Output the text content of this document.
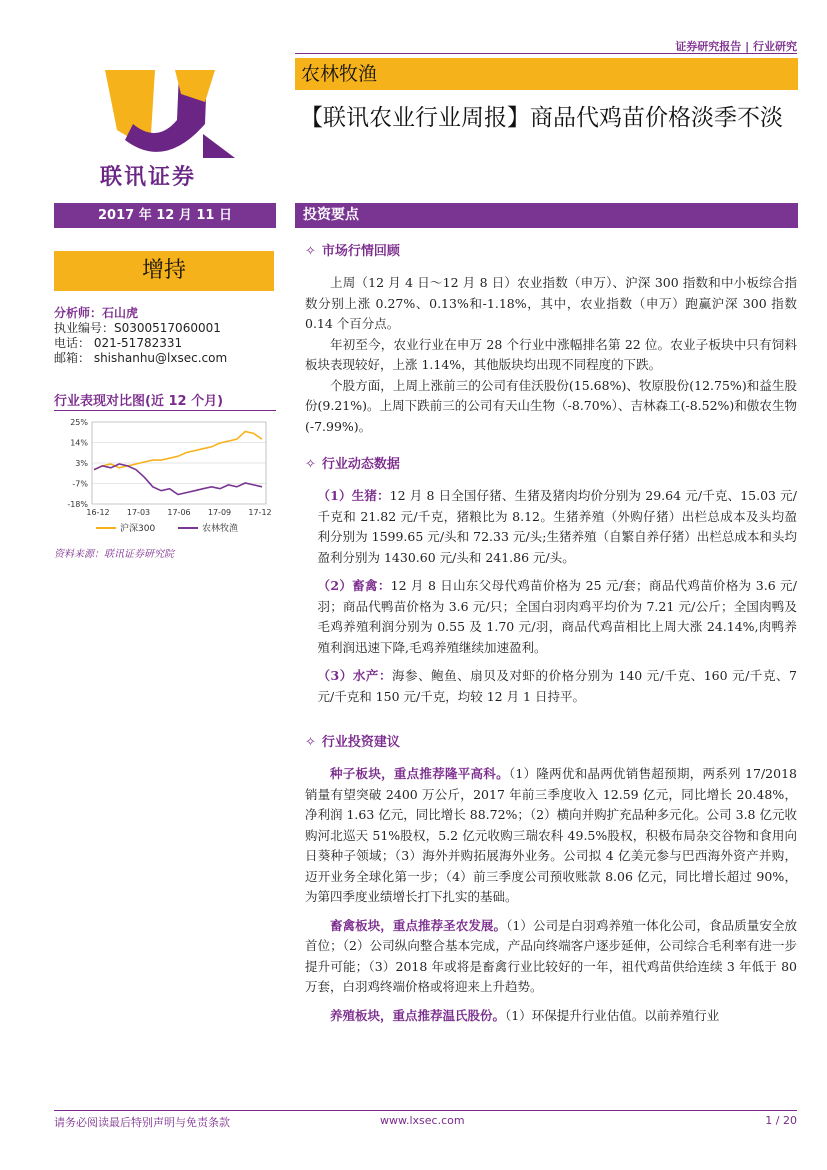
证券研究报告 | 行业研究
联讯证券
农林牧渔
【联讯农业行业周报】商品代鸡苗价格淡季不淡
2017 年 12 月 11 日	投资要点
增持
分析师：石山虎
执业编号：S0300517060001
电话： 021-51782331
邮箱： shishanhu@lxsec.com
行业表现对比图(近 12 个月)
25%
14%
3%
-7%
-18%
16-12 17-03 17-06 17-09 17-12
沪深300	农林牧渔
资料来源：联讯证券研究院
✧ 市场行情回顾

上周（12 月 4 日～12 月 8 日）农业指数（申万）、沪深 300 指数和中小板综合指数分别上涨 0.27%、0.13%和-1.18%，其中，农业指数（申万）跑赢沪深 300 指数 0.14 个百分点。

年初至今，农业行业在申万 28 个行业中涨幅排名第 22 位。农业子板块中只有饲料板块表现较好，上涨 1.14%，其他版块均出现不同程度的下跌。

个股方面，上周上涨前三的公司有佳沃股份(15.68%)、牧原股份(12.75%)和益生股份(9.21%)。上周下跌前三的公司有天山生物（-8.70%）、吉林森工(-8.52%)和傲农生物(-7.99%)。

✧ 行业动态数据

（1）生猪：12 月 8 日全国仔猪、生猪及猪肉均价分别为 29.64 元/千克、15.03 元/千克和 21.82 元/千克，猪粮比为 8.12。生猪养殖（外购仔猪）出栏总成本及头均盈利分别为 1599.65 元/头和 72.33 元/头;生猪养殖（自繁自养仔猪）出栏总成本和头均盈利分别为 1430.60 元/头和 241.86 元/头。

（2）畜禽：12 月 8 日山东父母代鸡苗价格为 25 元/套；商品代鸡苗价格为 3.6 元/羽；商品代鸭苗价格为 3.6 元/只；全国白羽肉鸡平均价为 7.21 元/公斤；全国肉鸭及毛鸡养殖利润分别为 0.55 及 1.70 元/羽，商品代鸡苗相比上周大涨 24.14%,肉鸭养殖利润迅速下降,毛鸡养殖继续加速盈利。

（3）水产：海参、鲍鱼、扇贝及对虾的价格分别为 140 元/千克、160 元/千克、7 元/千克和 150 元/千克，均较 12 月 1 日持平。

✧ 行业投资建议

种子板块，重点推荐隆平高科。（1）隆两优和晶两优销售超预期，两系列 17/2018 销量有望突破 2400 万公斤，2017 年前三季度收入 12.59 亿元，同比增长 20.48%，净利润 1.63 亿元，同比增长 88.72%；（2）横向并购扩充品种多元化。公司 3.8 亿元收购河北巡天 51%股权，5.2 亿元收购三瑞农科 49.5%股权，积极布局杂交谷物和食用向日葵种子领域；（3）海外并购拓展海外业务。公司拟 4 亿美元参与巴西海外资产并购，迈开业务全球化第一步；（4）前三季度公司预收账款 8.06 亿元，同比增长超过 90%，为第四季度业绩增长打下扎实的基础。

畜禽板块，重点推荐圣农发展。（1）公司是白羽鸡养殖一体化公司，食品质量安全放首位；（2）公司纵向整合基本完成，产品向终端客户逐步延伸，公司综合毛利率有进一步提升可能；（3）2018 年或将是畜禽行业比较好的一年，祖代鸡苗供给连续 3 年低于 80 万套，白羽鸡终端价格或将迎来上升趋势。

养殖板块，重点推荐温氏股份。（1）环保提升行业估值。以前养殖行业

请务必阅读最后特别声明与免责条款	www.lxsec.com	1 / 20
